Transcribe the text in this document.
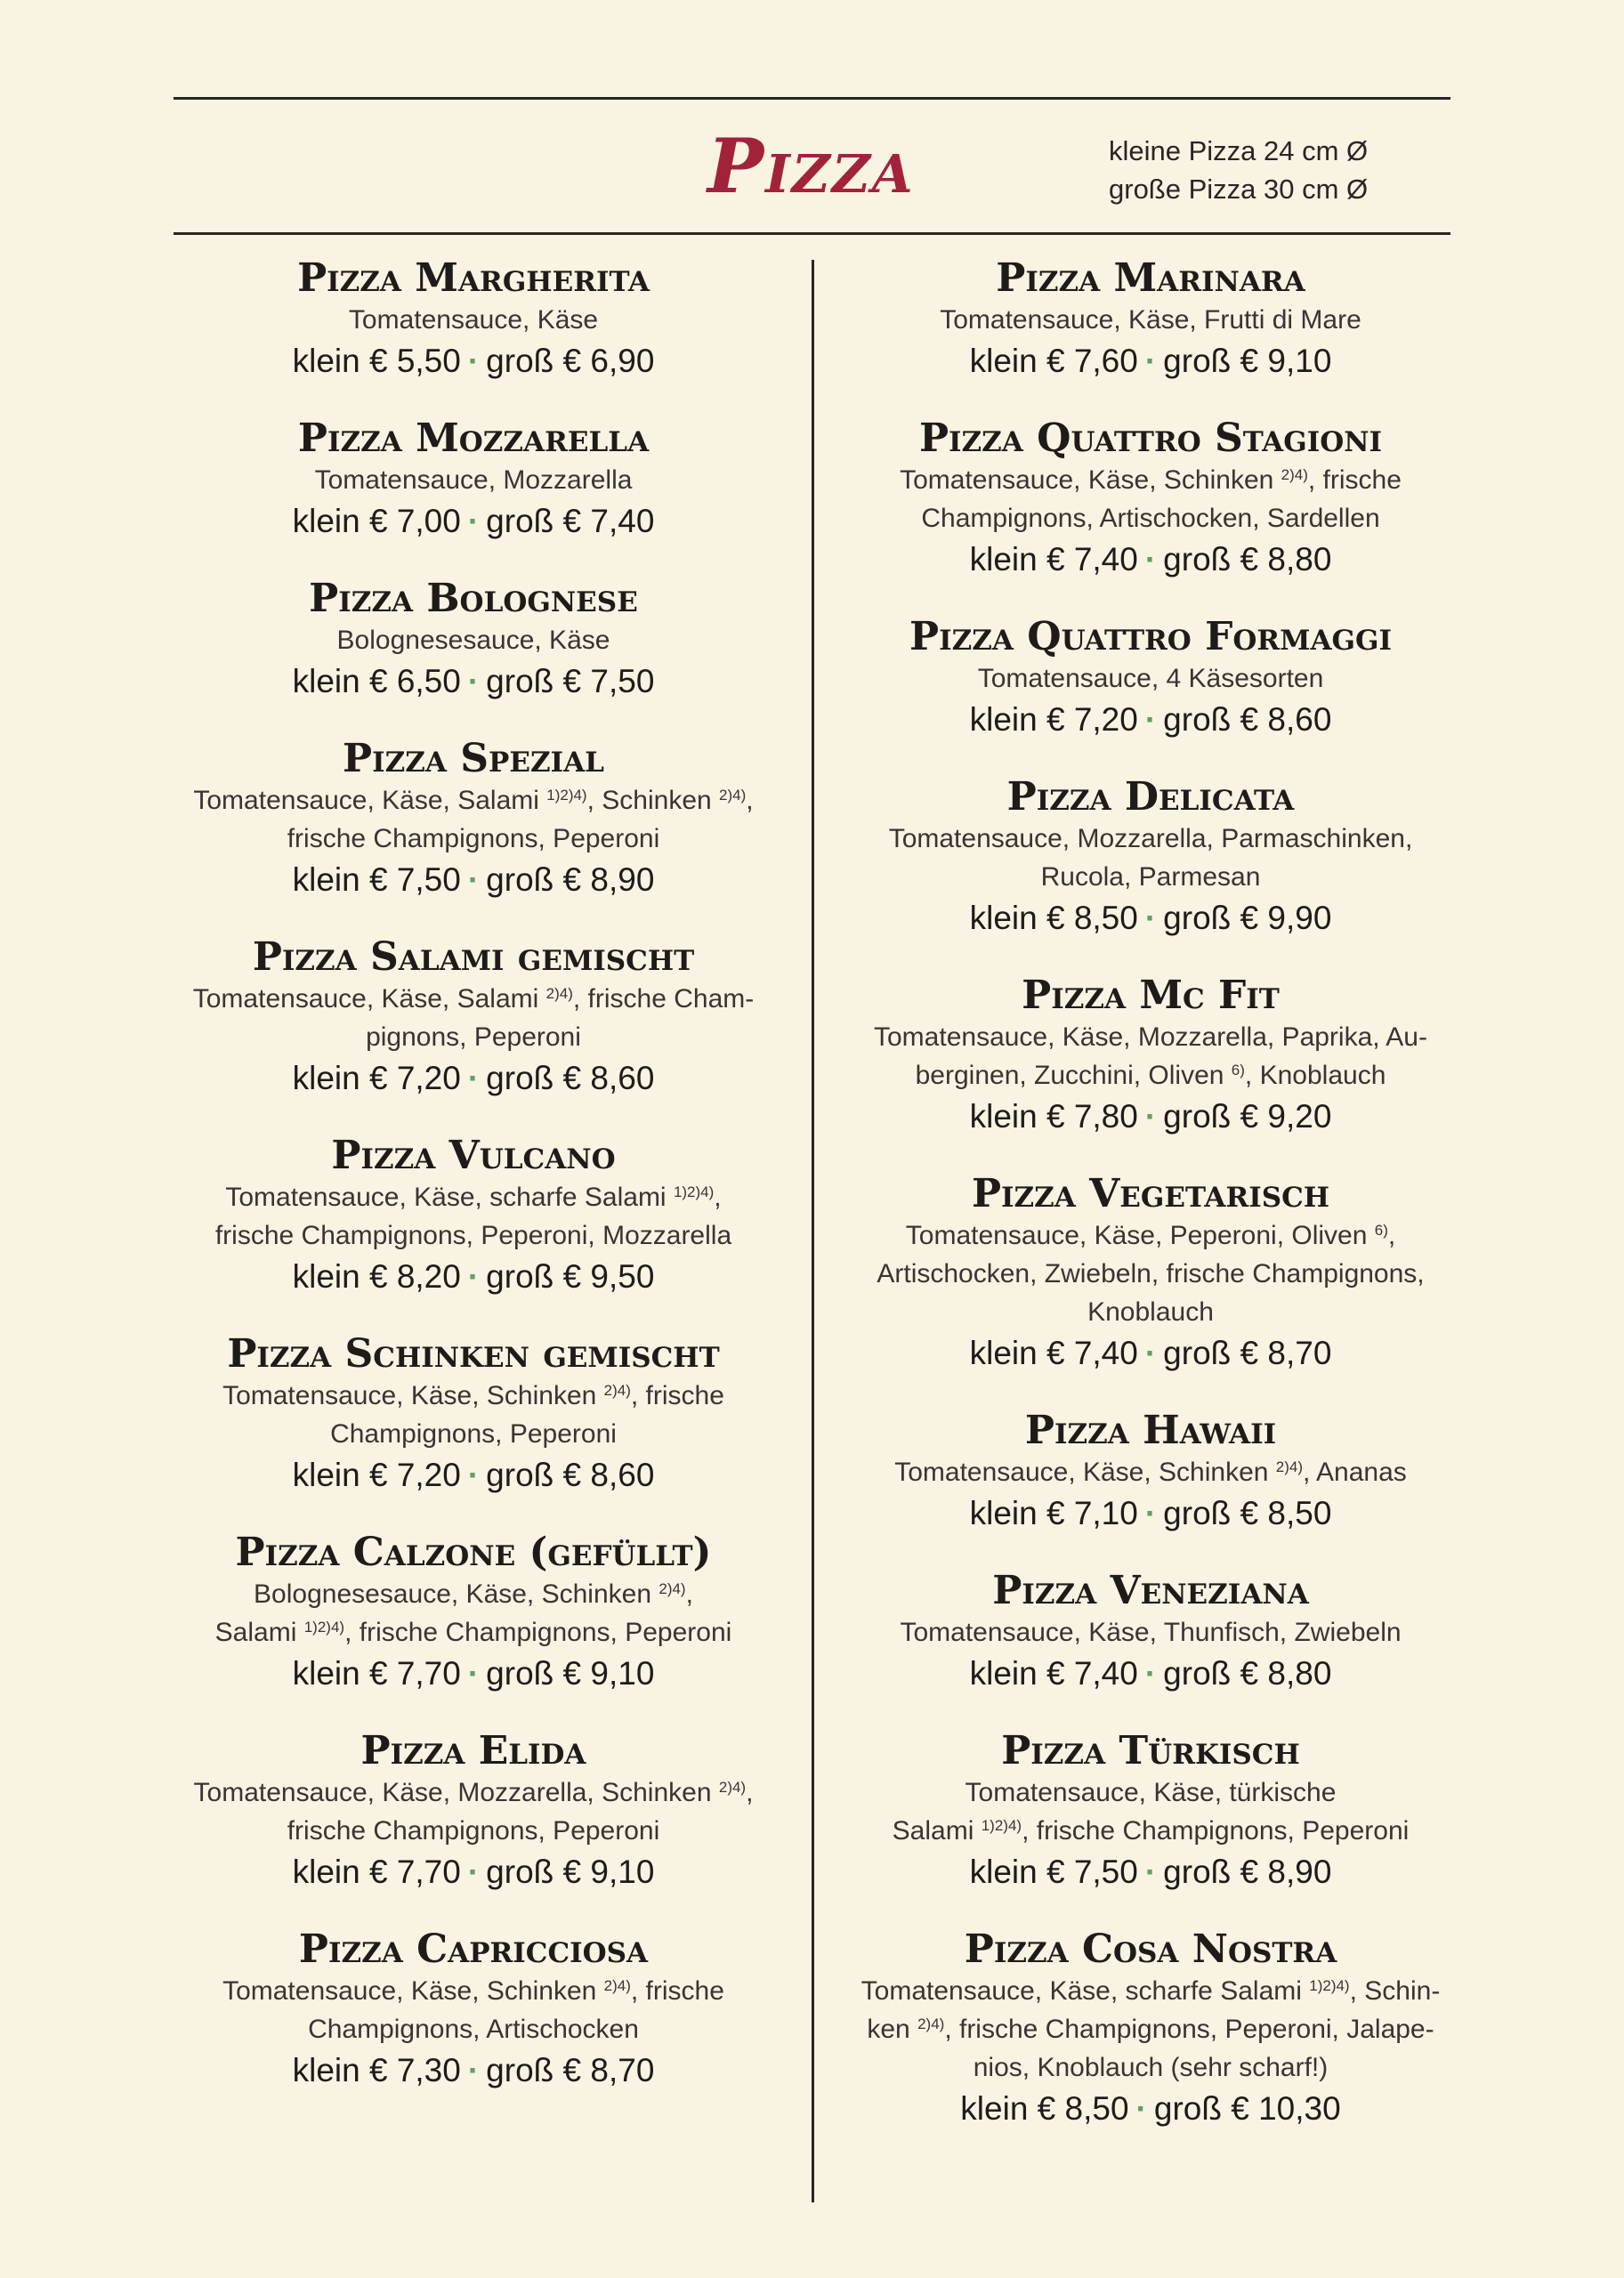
Pizza	kleine Pizza 24 cm Ø
große Pizza 30 cm Ø
Pizza Margherita
Tomatensauce, Käse
klein € 5,50 · groß € 6,90
Pizza Mozzarella
Tomatensauce, Mozzarella
klein € 7,00 · groß € 7,40
Pizza Bolognese
Bolognesesauce, Käse
klein € 6,50 · groß € 7,50
Pizza Spezial
Tomatensauce, Käse, Salami $^{1)2)4)}$, Schinken $^{2)4)}$,
frische Champignons, Peperoni
klein € 7,50 · groß € 8,90
Pizza Salami gemischt
Tomatensauce, Käse, Salami $^{2)4)}$, frische Cham-
pignons, Peperoni
klein € 7,20 · groß € 8,60
Pizza Vulcano
Tomatensauce, Käse, scharfe Salami $^{1)2)4)}$,
frische Champignons, Peperoni, Mozzarella
klein € 8,20 · groß € 9,50
Pizza Schinken gemischt
Tomatensauce, Käse, Schinken $^{2)4)}$, frische
Champignons, Peperoni
klein € 7,20 · groß € 8,60
Pizza Calzone (gefüllt)
Bolognesesauce, Käse, Schinken $^{2)4)}$,
Salami $^{1)2)4)}$, frische Champignons, Peperoni
klein € 7,70 · groß € 9,10
Pizza Elida
Tomatensauce, Käse, Mozzarella, Schinken $^{2)4)}$,
frische Champignons, Peperoni
klein € 7,70 · groß € 9,10
Pizza Capricciosa
Tomatensauce, Käse, Schinken $^{2)4)}$, frische
Champignons, Artischocken
klein € 7,30 · groß € 8,70
Pizza Marinara
Tomatensauce, Käse, Frutti di Mare
klein € 7,60 · groß € 9,10
Pizza Quattro Stagioni
Tomatensauce, Käse, Schinken $^{2)4)}$, frische
Champignons, Artischocken, Sardellen
klein € 7,40 · groß € 8,80
Pizza Quattro Formaggi
Tomatensauce, 4 Käsesorten
klein € 7,20 · groß € 8,60
Pizza Delicata
Tomatensauce, Mozzarella, Parmaschinken,
Rucola, Parmesan
klein € 8,50 · groß € 9,90
Pizza Mc Fit
Tomatensauce, Käse, Mozzarella, Paprika, Au-
berginen, Zucchini, Oliven $^{6)}$, Knoblauch
klein € 7,80 · groß € 9,20
Pizza Vegetarisch
Tomatensauce, Käse, Peperoni, Oliven $^{6)}$,
Artischocken, Zwiebeln, frische Champignons,
Knoblauch
klein € 7,40 · groß € 8,70
Pizza Hawaii
Tomatensauce, Käse, Schinken $^{2)4)}$, Ananas
klein € 7,10 · groß € 8,50
Pizza Veneziana
Tomatensauce, Käse, Thunfisch, Zwiebeln
klein € 7,40 · groß € 8,80
Pizza Türkisch
Tomatensauce, Käse, türkische
Salami $^{1)2)4)}$, frische Champignons, Peperoni
klein € 7,50 · groß € 8,90
Pizza Cosa Nostra
Tomatensauce, Käse, scharfe Salami $^{1)2)4)}$, Schin-
ken $^{2)4)}$, frische Champignons, Peperoni, Jalape-
nios, Knoblauch (sehr scharf!)
klein € 8,50 · groß € 10,30
